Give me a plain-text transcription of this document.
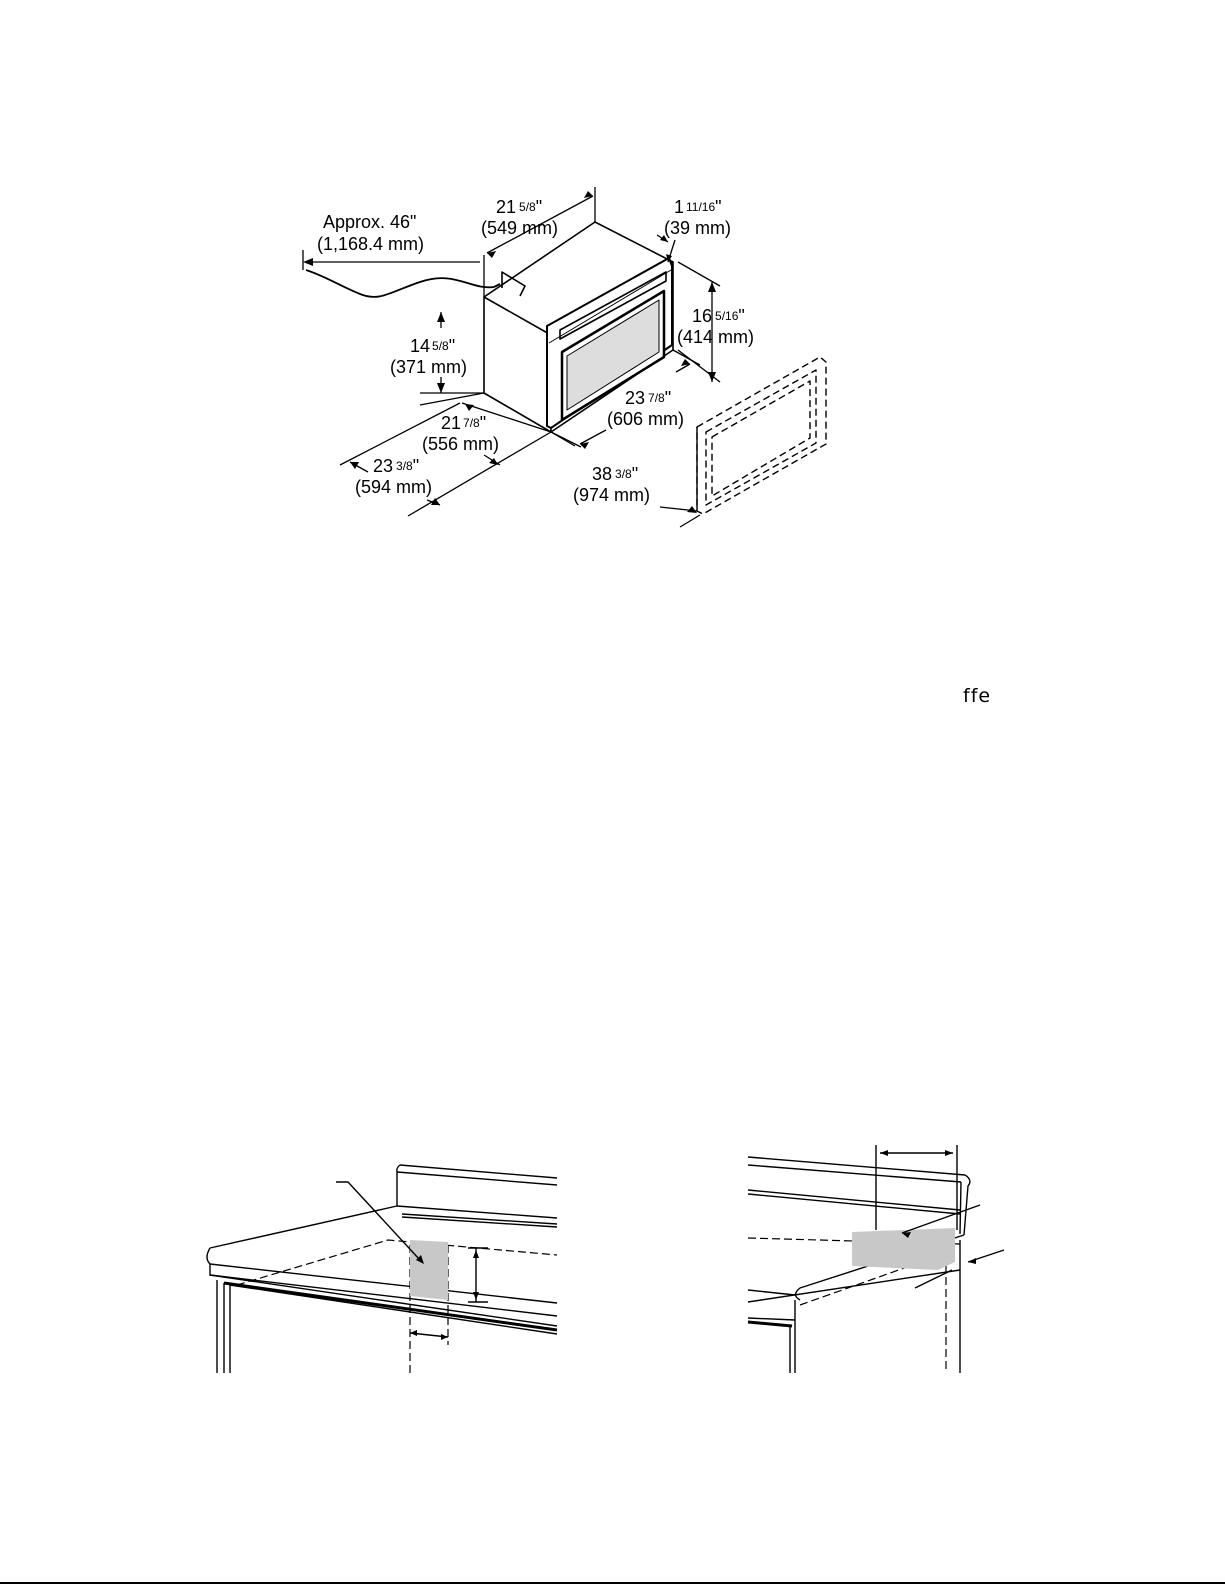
Approx. 46"
(1,168.4 mm)
21 5/8"
(549 mm)
1 11/16"
(39 mm)
16 5/16"
(414 mm)
14 5/8"
(371 mm)
23 7/8"
(606 mm)
21 7/8"
(556 mm)
23 3/8"
(594 mm)
38 3/8"
(974 mm)
ffe
